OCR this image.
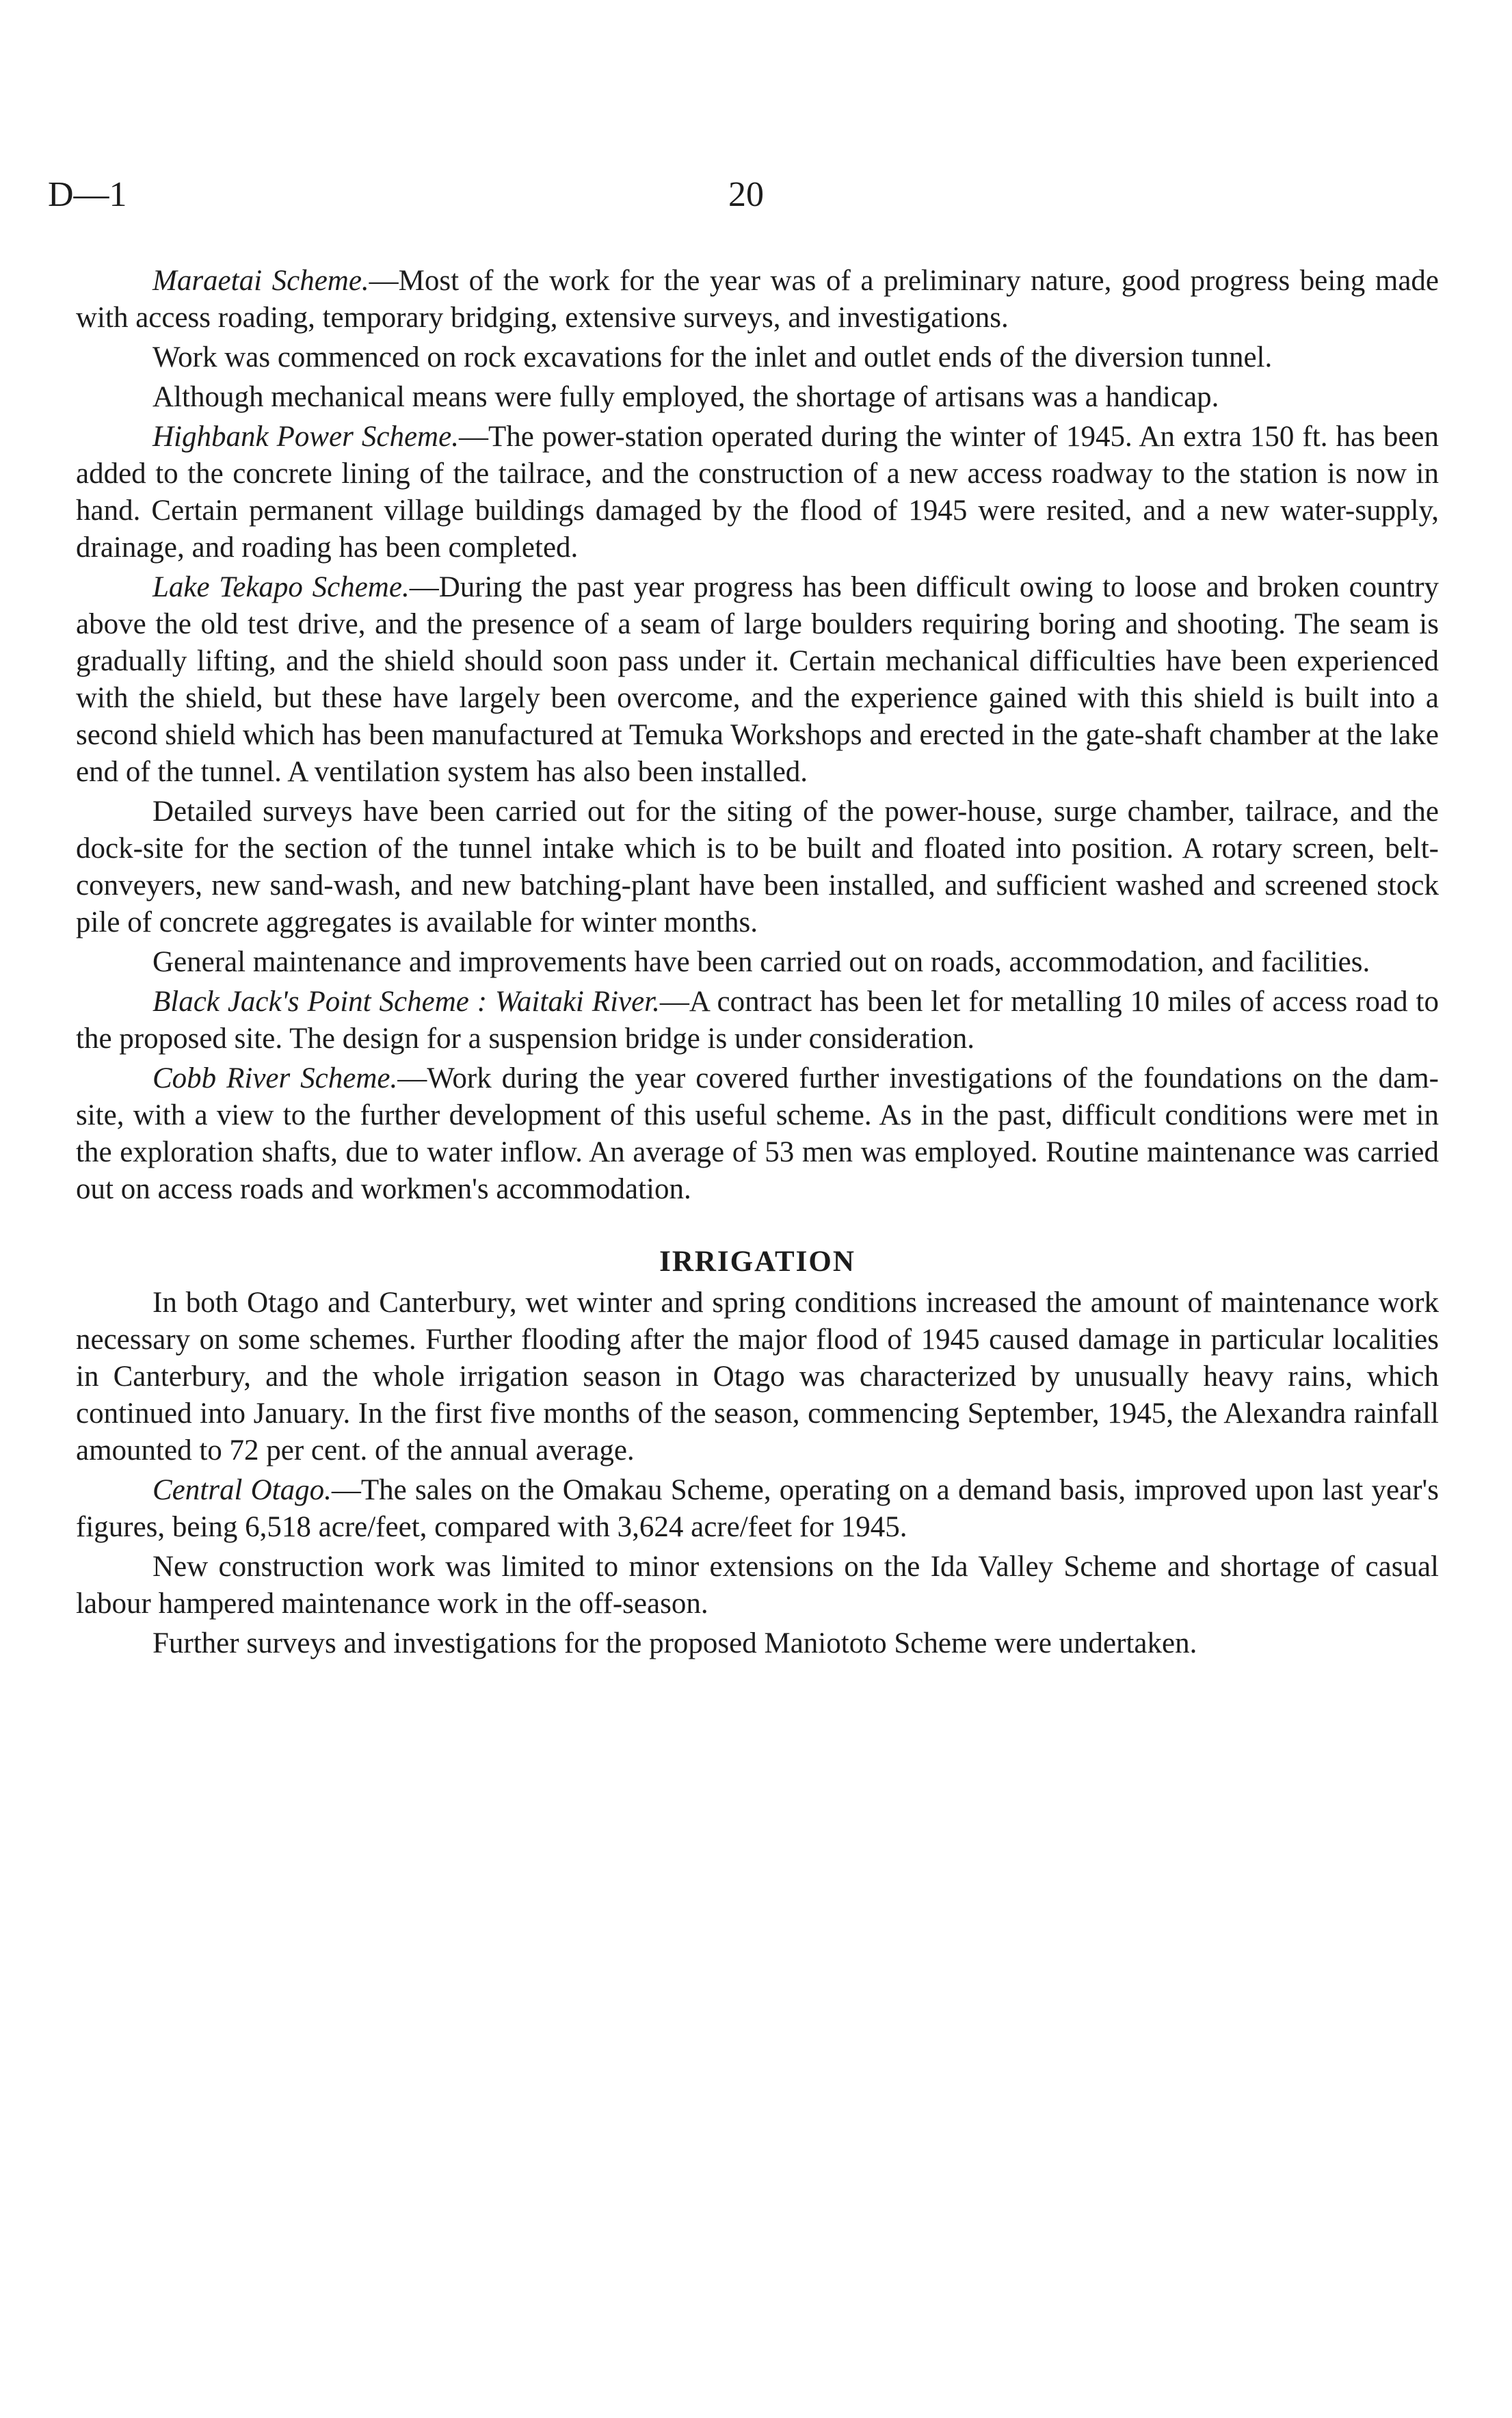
D—1	20

Maraetai Scheme.—Most of the work for the year was of a preliminary nature, good progress being made with access roading, temporary bridging, extensive surveys, and investigations.

Work was commenced on rock excavations for the inlet and outlet ends of the diversion tunnel.

Although mechanical means were fully employed, the shortage of artisans was a handicap.

Highbank Power Scheme.—The power-station operated during the winter of 1945. An extra 150 ft. has been added to the concrete lining of the tailrace, and the construction of a new access roadway to the station is now in hand. Certain permanent village buildings damaged by the flood of 1945 were resited, and a new water-supply, drainage, and roading has been completed.

Lake Tekapo Scheme.—During the past year progress has been difficult owing to loose and broken country above the old test drive, and the presence of a seam of large boulders requiring boring and shooting. The seam is gradually lifting, and the shield should soon pass under it. Certain mechanical difficulties have been experienced with the shield, but these have largely been overcome, and the experience gained with this shield is built into a second shield which has been manufactured at Temuka Workshops and erected in the gate-shaft chamber at the lake end of the tunnel. A ventilation system has also been installed.

Detailed surveys have been carried out for the siting of the power-house, surge chamber, tailrace, and the dock-site for the section of the tunnel intake which is to be built and floated into position. A rotary screen, belt-conveyers, new sand-wash, and new batching-plant have been installed, and sufficient washed and screened stock pile of concrete aggregates is available for winter months.

General maintenance and improvements have been carried out on roads, accommodation, and facilities.

Black Jack's Point Scheme : Waitaki River.—A contract has been let for metalling 10 miles of access road to the proposed site. The design for a suspension bridge is under consideration.

Cobb River Scheme.—Work during the year covered further investigations of the foundations on the dam-site, with a view to the further development of this useful scheme. As in the past, difficult conditions were met in the exploration shafts, due to water inflow. An average of 53 men was employed. Routine maintenance was carried out on access roads and workmen's accommodation.

IRRIGATION

In both Otago and Canterbury, wet winter and spring conditions increased the amount of maintenance work necessary on some schemes. Further flooding after the major flood of 1945 caused damage in particular localities in Canterbury, and the whole irrigation season in Otago was characterized by unusually heavy rains, which continued into January. In the first five months of the season, commencing September, 1945, the Alexandra rainfall amounted to 72 per cent. of the annual average.

Central Otago.—The sales on the Omakau Scheme, operating on a demand basis, improved upon last year's figures, being 6,518 acre/feet, compared with 3,624 acre/feet for 1945.

New construction work was limited to minor extensions on the Ida Valley Scheme and shortage of casual labour hampered maintenance work in the off-season.

Further surveys and investigations for the proposed Maniototo Scheme were undertaken.
